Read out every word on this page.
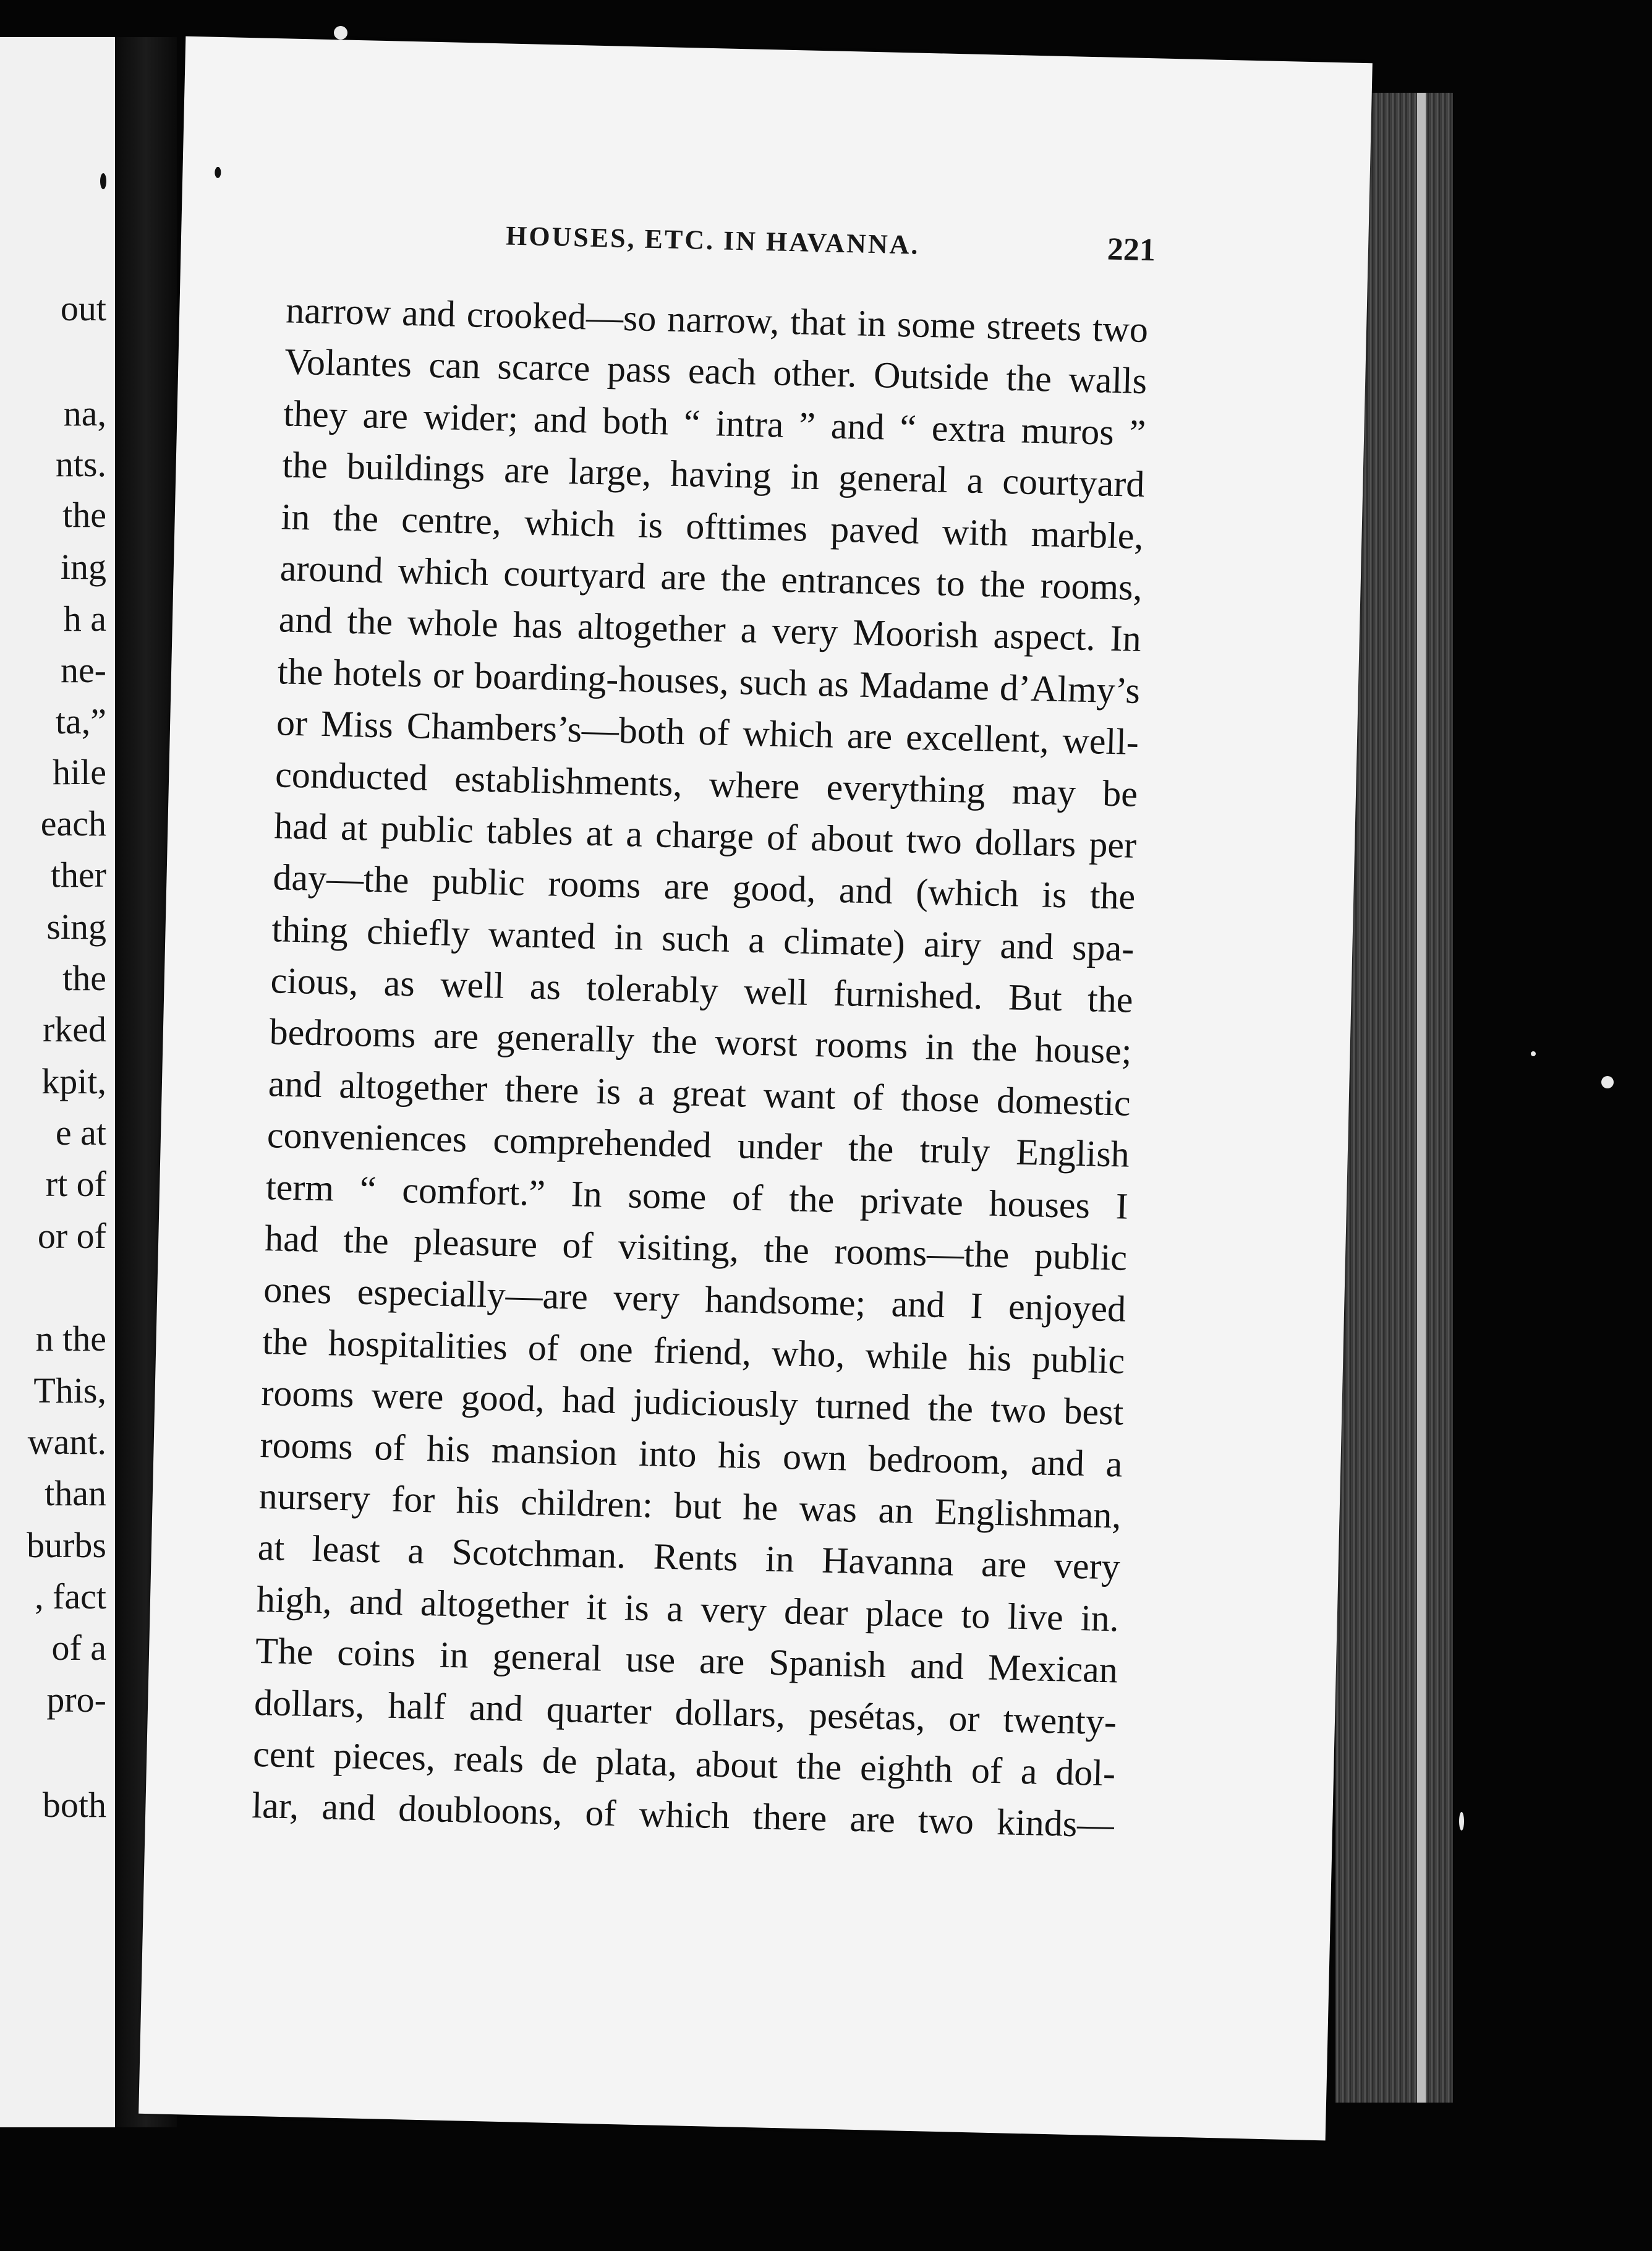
out
na,
nts.
the
ing
h a
ne-
ta,”
hile
each
ther
sing
the
rked
kpit,
e at
rt of
or of
n the
This,
want.
than
burbs
, fact
of a
pro-
both
HOUSES, ETC. IN HAVANNA.	221
narrow and crooked—so narrow, that in some streets two
Volantes can scarce pass each other. Outside the walls
they are wider; and both “ intra ” and “ extra muros ”
the buildings are large, having in general a courtyard
in the centre, which is ofttimes paved with marble,
around which courtyard are the entrances to the rooms,
and the whole has altogether a very Moorish aspect. In
the hotels or boarding-houses, such as Madame d’Almy’s
or Miss Chambers’s—both of which are excellent, well-
conducted establishments, where everything may be
had at public tables at a charge of about two dollars per
day—the public rooms are good, and (which is the
thing chiefly wanted in such a climate) airy and spa-
cious, as well as tolerably well furnished. But the
bedrooms are generally the worst rooms in the house;
and altogether there is a great want of those domestic
conveniences comprehended under the truly English
term “ comfort.” In some of the private houses I
had the pleasure of visiting, the rooms—the public
ones especially—are very handsome; and I enjoyed
the hospitalities of one friend, who, while his public
rooms were good, had judiciously turned the two best
rooms of his mansion into his own bedroom, and a
nursery for his children: but he was an Englishman,
at least a Scotchman. Rents in Havanna are very
high, and altogether it is a very dear place to live in.
The coins in general use are Spanish and Mexican
dollars, half and quarter dollars, pesétas, or twenty-
cent pieces, reals de plata, about the eighth of a dol-
lar, and doubloons, of which there are two kinds—
